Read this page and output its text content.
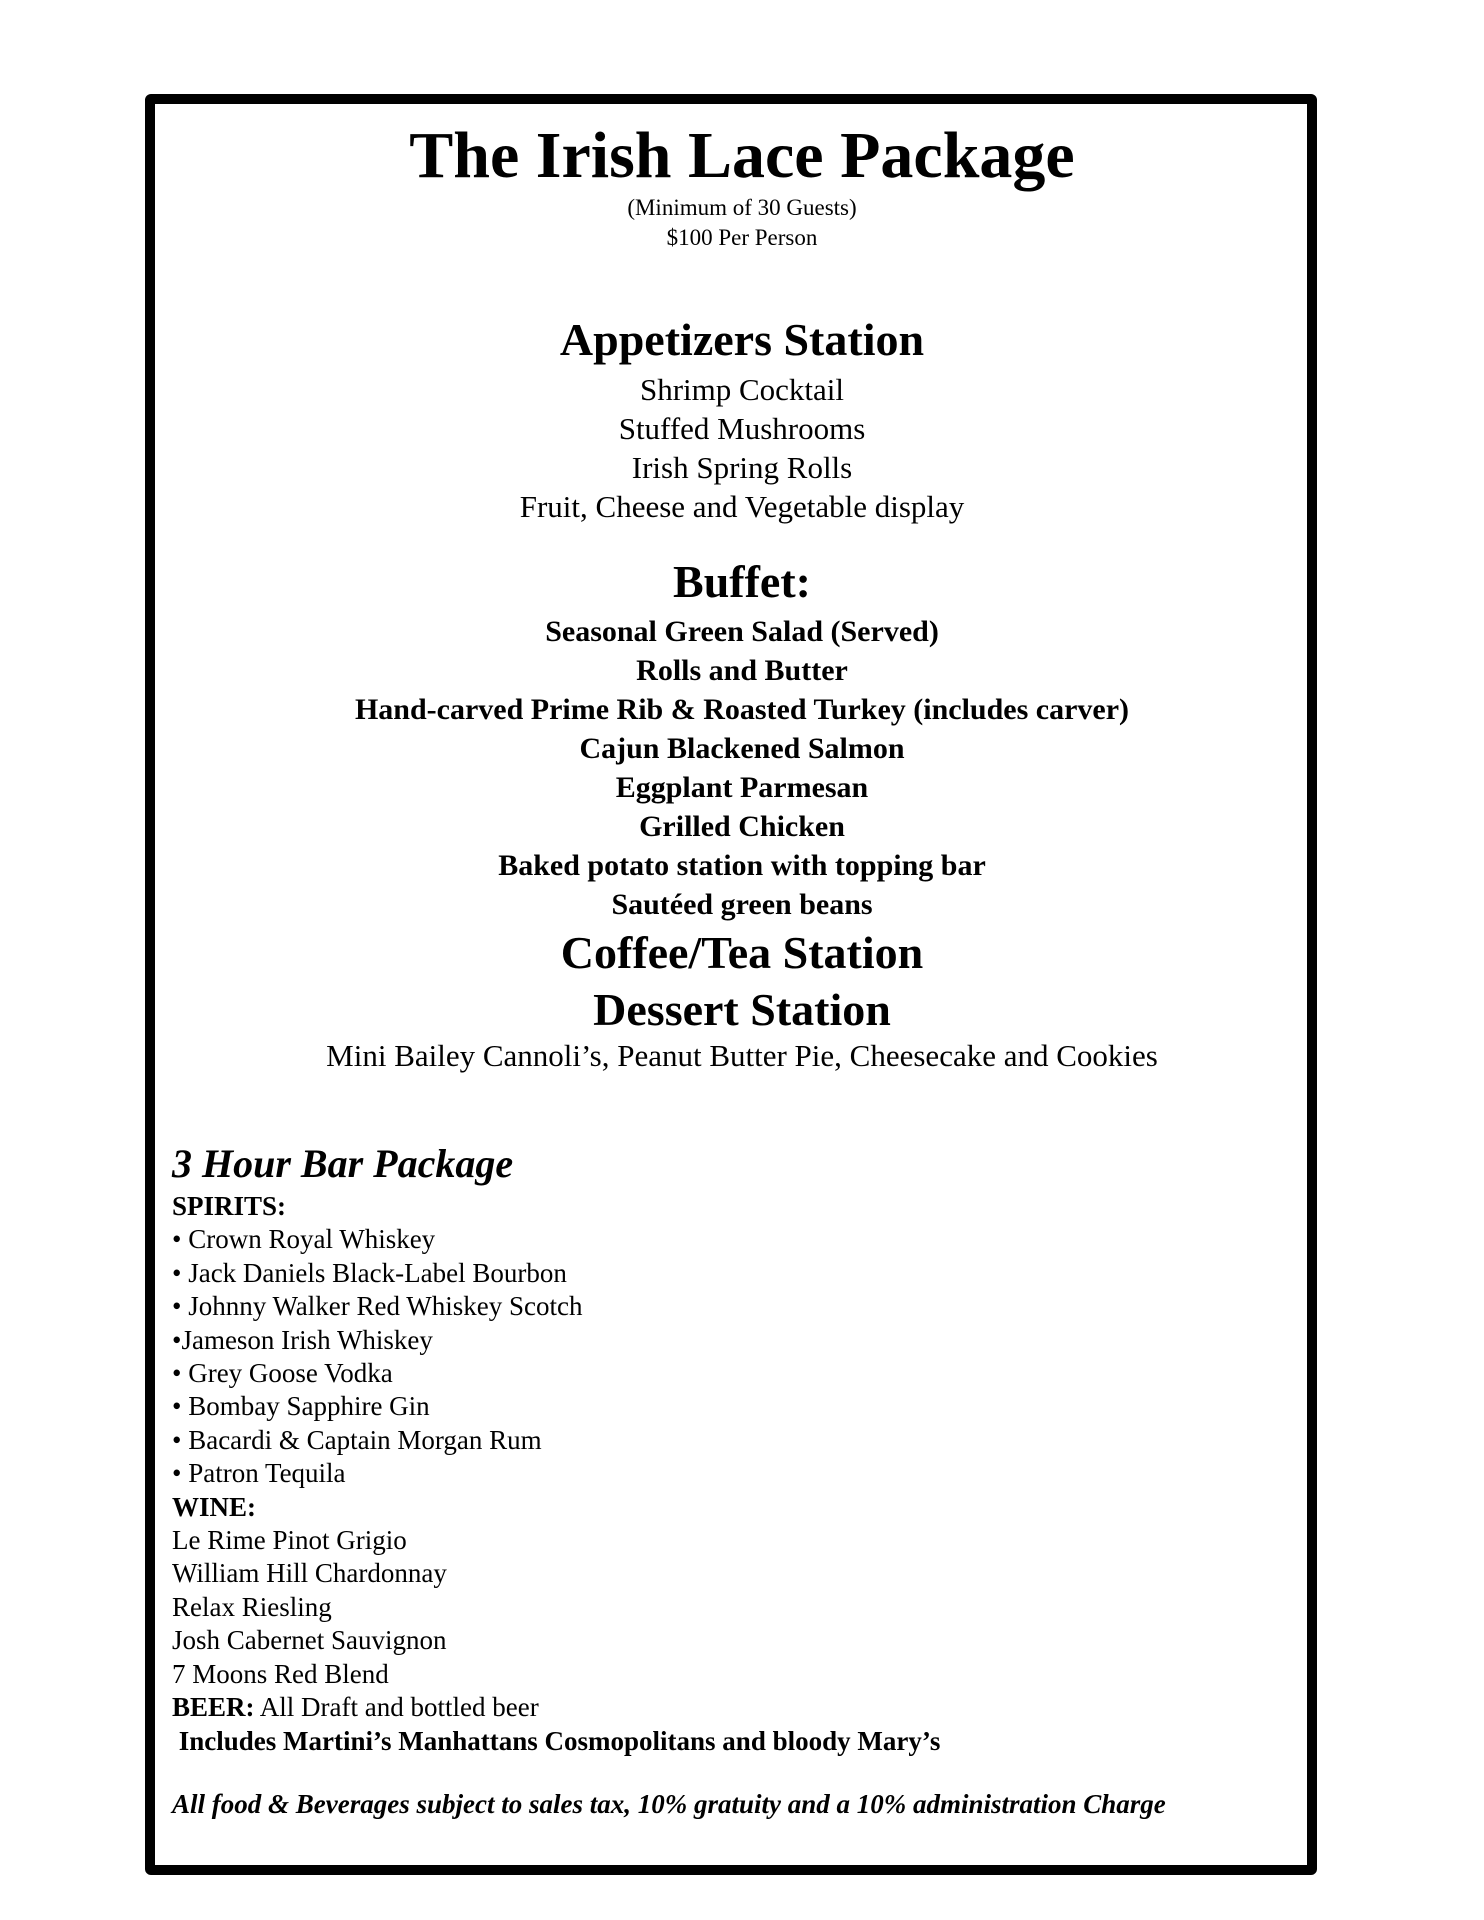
The Irish Lace Package
(Minimum of 30 Guests)
$100 Per Person
Appetizers Station
Shrimp Cocktail
Stuffed Mushrooms
Irish Spring Rolls
Fruit, Cheese and Vegetable display
Buffet:
Seasonal Green Salad (Served)
Rolls and Butter
Hand-carved Prime Rib & Roasted Turkey (includes carver)
Cajun Blackened Salmon
Eggplant Parmesan
Grilled Chicken
Baked potato station with topping bar
Sautéed green beans
Coffee/Tea Station
Dessert Station
Mini Bailey Cannoli’s, Peanut Butter Pie, Cheesecake and Cookies
3 Hour Bar Package
SPIRITS:
• Crown Royal Whiskey
• Jack Daniels Black-Label Bourbon
• Johnny Walker Red Whiskey Scotch
•Jameson Irish Whiskey
• Grey Goose Vodka
• Bombay Sapphire Gin
• Bacardi & Captain Morgan Rum
• Patron Tequila
WINE:
Le Rime Pinot Grigio
William Hill Chardonnay
Relax Riesling
Josh Cabernet Sauvignon
7 Moons Red Blend
BEER: All Draft and bottled beer
Includes Martini’s Manhattans Cosmopolitans and bloody Mary’s
All food & Beverages subject to sales tax, 10% gratuity and a 10% administration Charge
